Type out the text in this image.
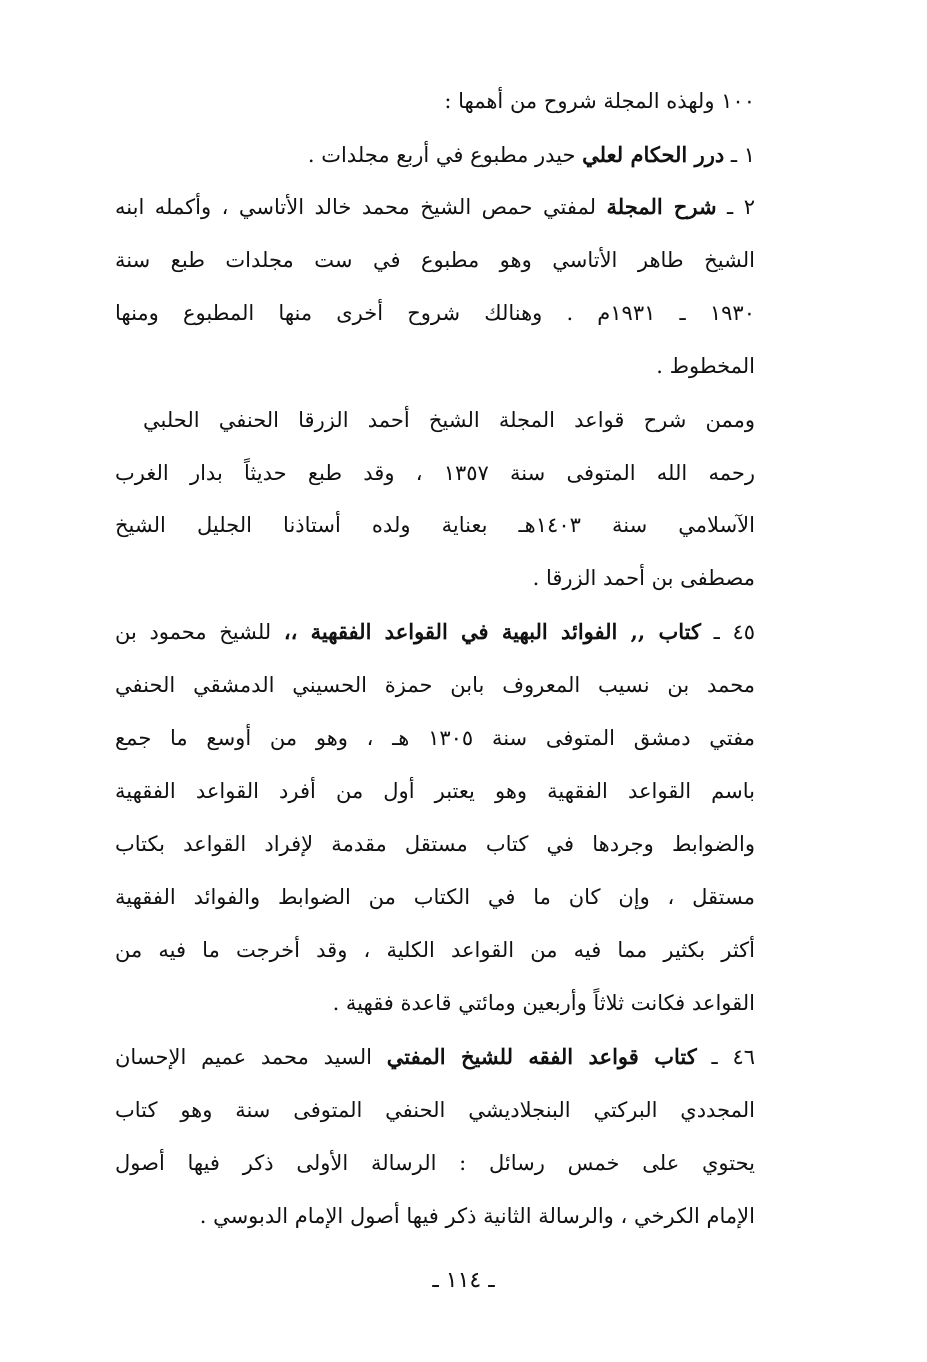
١٠٠ ولهذه المجلة شروح من أهمها :
١ ـ درر الحكام لعلي حيدر مطبوع في أربع مجلدات .
٢ ـ شرح المجلة لمفتي حمص الشيخ محمد خالد الأتاسي ، وأكمله ابنه
الشيخ طاهر الأتاسي وهو مطبوع في ست مجلدات طبع سنة
١٩٣٠ ـ ١٩٣١م . وهنالك شروح أخرى منها المطبوع ومنها
المخطوط .
وممن شرح قواعد المجلة الشيخ أحمد الزرقا الحنفي الحلبي
رحمه الله المتوفى سنة ١٣٥٧ ، وقد طبع حديثاً بدار الغرب
الآسلامي سنة ١٤٠٣هـ بعناية ولده أستاذنا الجليل الشيخ
مصطفى بن أحمد الزرقا .
٤٥ ـ كتاب ,, الفوائد البهية في القواعد الفقهية ،، للشيخ محمود بن
محمد بن نسيب المعروف بابن حمزة الحسيني الدمشقي الحنفي
مفتي دمشق المتوفى سنة ١٣٠٥ هـ ، وهو من أوسع ما جمع
باسم القواعد الفقهية وهو يعتبر أول من أفرد القواعد الفقهية
والضوابط وجردها في كتاب مستقل مقدمة لإفراد القواعد بكتاب
مستقل ، وإن كان ما في الكتاب من الضوابط والفوائد الفقهية
أكثر بكثير مما فيه من القواعد الكلية ، وقد أخرجت ما فيه من
القواعد فكانت ثلاثاً وأربعين ومائتي قاعدة فقهية .
٤٦ ـ كتاب قواعد الفقه للشيخ المفتي السيد محمد عميم الإحسان
المجددي البركتي البنجلاديشي الحنفي المتوفى سنة وهو كتاب
يحتوي على خمس رسائل : الرسالة الأولى ذكر فيها أصول
الإمام الكرخي ، والرسالة الثانية ذكر فيها أصول الإمام الدبوسي .
ـ ١١٤ ـ
